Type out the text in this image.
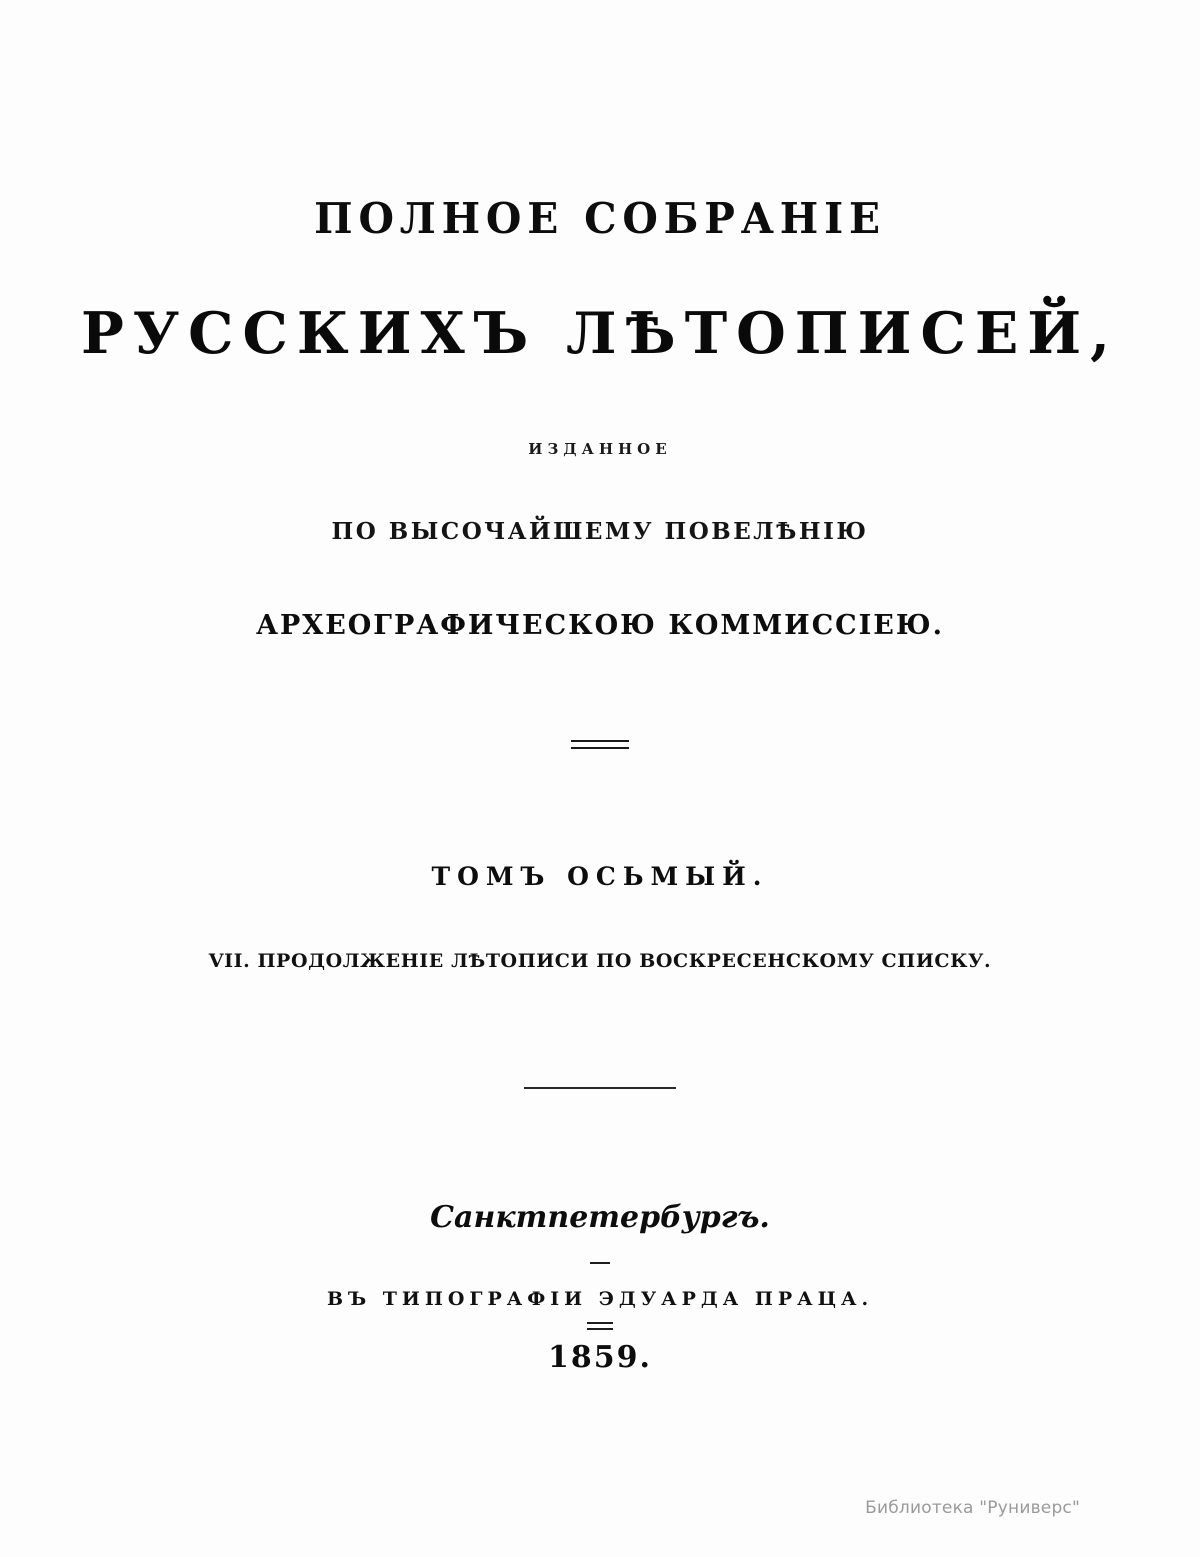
ПОЛНОЕ СОБРАНІЕ
РУССКИХЪ ЛѢТОПИСЕЙ,
ИЗДАННОЕ
ПО ВЫСОЧАЙШЕМУ ПОВЕЛѢНІЮ
АРХЕОГРАФИЧЕСКОЮ КОММИССІЕЮ.
ТОМЪ ОСЬМЫЙ.
VII. ПРОДОЛЖЕНІЕ ЛѢТОПИСИ ПО ВОСКРЕСЕНСКОМУ СПИСКУ.
Санктпетербургъ.
ВЪ ТИПОГРАФІИ ЭДУАРДА ПРАЦА.
1859.
Библиотека "Руниверс"
